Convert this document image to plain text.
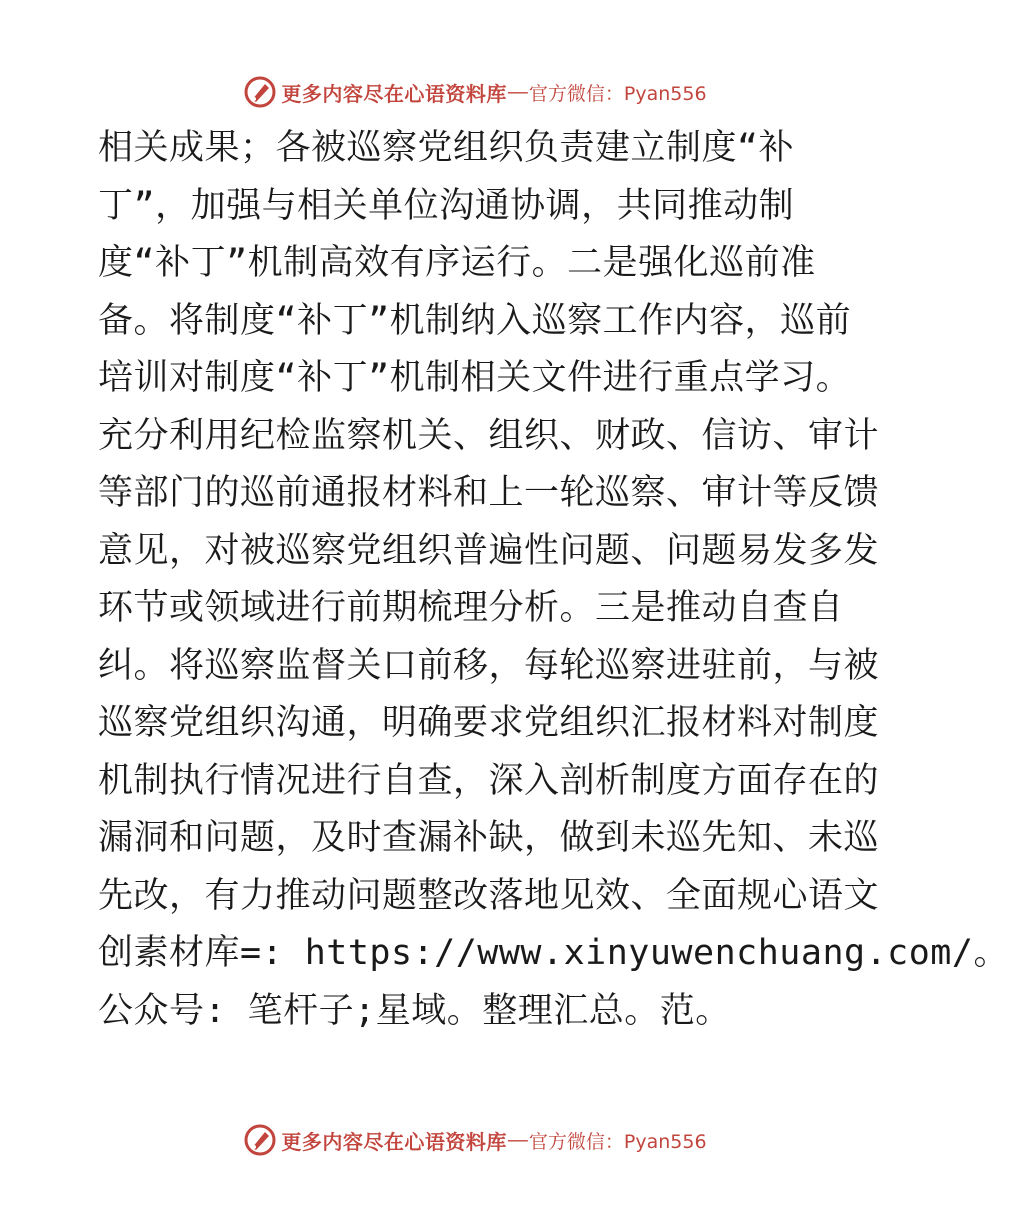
更多内容尽在心语资料库 — 官方微信：Pyan556
相关成果；各被巡察党组织负责建立制度“补
丁”，加强与相关单位沟通协调，共同推动制
度“补丁”机制高效有序运行。二是强化巡前准
备。将制度“补丁”机制纳入巡察工作内容，巡前
培训对制度“补丁”机制相关文件进行重点学习。
充分利用纪检监察机关、组织、财政、信访、审计
等部门的巡前通报材料和上一轮巡察、审计等反馈
意见，对被巡察党组织普遍性问题、问题易发多发
环节或领域进行前期梳理分析。三是推动自查自
纠。将巡察监督关口前移，每轮巡察进驻前，与被
巡察党组织沟通，明确要求党组织汇报材料对制度
机制执行情况进行自查，深入剖析制度方面存在的
漏洞和问题，及时查漏补缺，做到未巡先知、未巡
先改，有力推动问题整改落地见效、全面规心语文
创素材库=: https://www.xinyuwenchuang.com/。
公众号: 笔杆子;星域。整理汇总。范。
更多内容尽在心语资料库 — 官方微信：Pyan556
